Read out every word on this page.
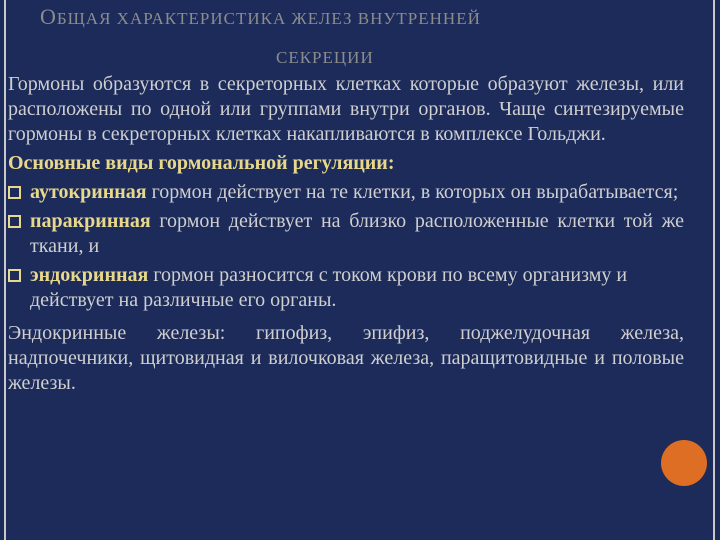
ОБЩАЯ ХАРАКТЕРИСТИКА ЖЕЛЕЗ ВНУТРЕННЕЙ
СЕКРЕЦИИ

Гормоны образуются в секреторных клетках которые образуют железы, или расположены по одной или группами внутри органов. Чаще синтезируемые гормоны в секреторных клетках накапливаются в комплексе Гольджи.

Основные виды гормональной регуляции:

аутокринная гормон действует на те клетки, в которых он вырабатывается;

паракринная гормон действует на близко расположенные клетки той же ткани, и

эндокринная гормон разносится с током крови по всему организму и действует на различные его органы.

Эндокринные железы: гипофиз, эпифиз, поджелудочная железа, надпочечники, щитовидная и вилочковая железа, паращитовидные и половые железы.
